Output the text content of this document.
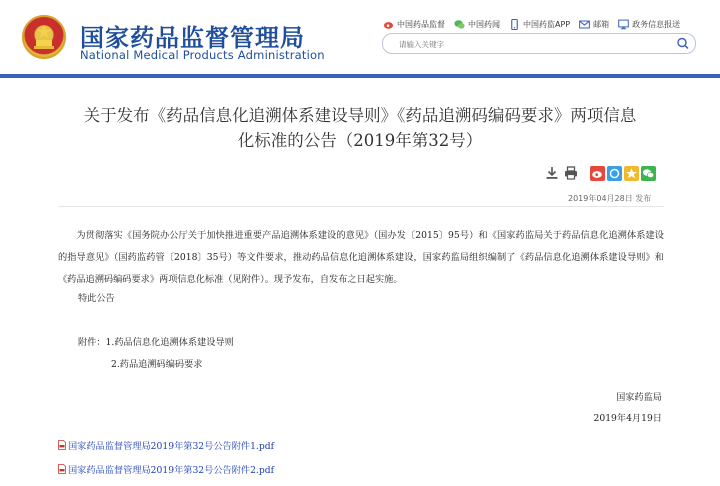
国家药品监督管理局
National Medical Products Administration
中国药品监督	中国药闻	中国药监APP	邮箱	政务信息报送
请输入关键字
关于发布《药品信息化追溯体系建设导则》《药品追溯码编码要求》两项信息
化标准的公告（2019年第32号）
2019年04月28日 发布

为贯彻落实《国务院办公厅关于加快推进重要产品追溯体系建设的意见》（国办发〔2015〕95号）和《国家药监局关于药品信息化追溯体系建设的指导意见》（国药监药管〔2018〕35号）等文件要求，推动药品信息化追溯体系建设，国家药监局组织编制了《药品信息化追溯体系建设导则》和《药品追溯码编码要求》两项信息化标准（见附件）。现予发布，自发布之日起实施。

特此公告
附件：1.药品信息化追溯体系建设导则
2.药品追溯码编码要求
国家药监局
2019年4月19日
国家药品监督管理局2019年第32号公告附件1.pdf
国家药品监督管理局2019年第32号公告附件2.pdf
